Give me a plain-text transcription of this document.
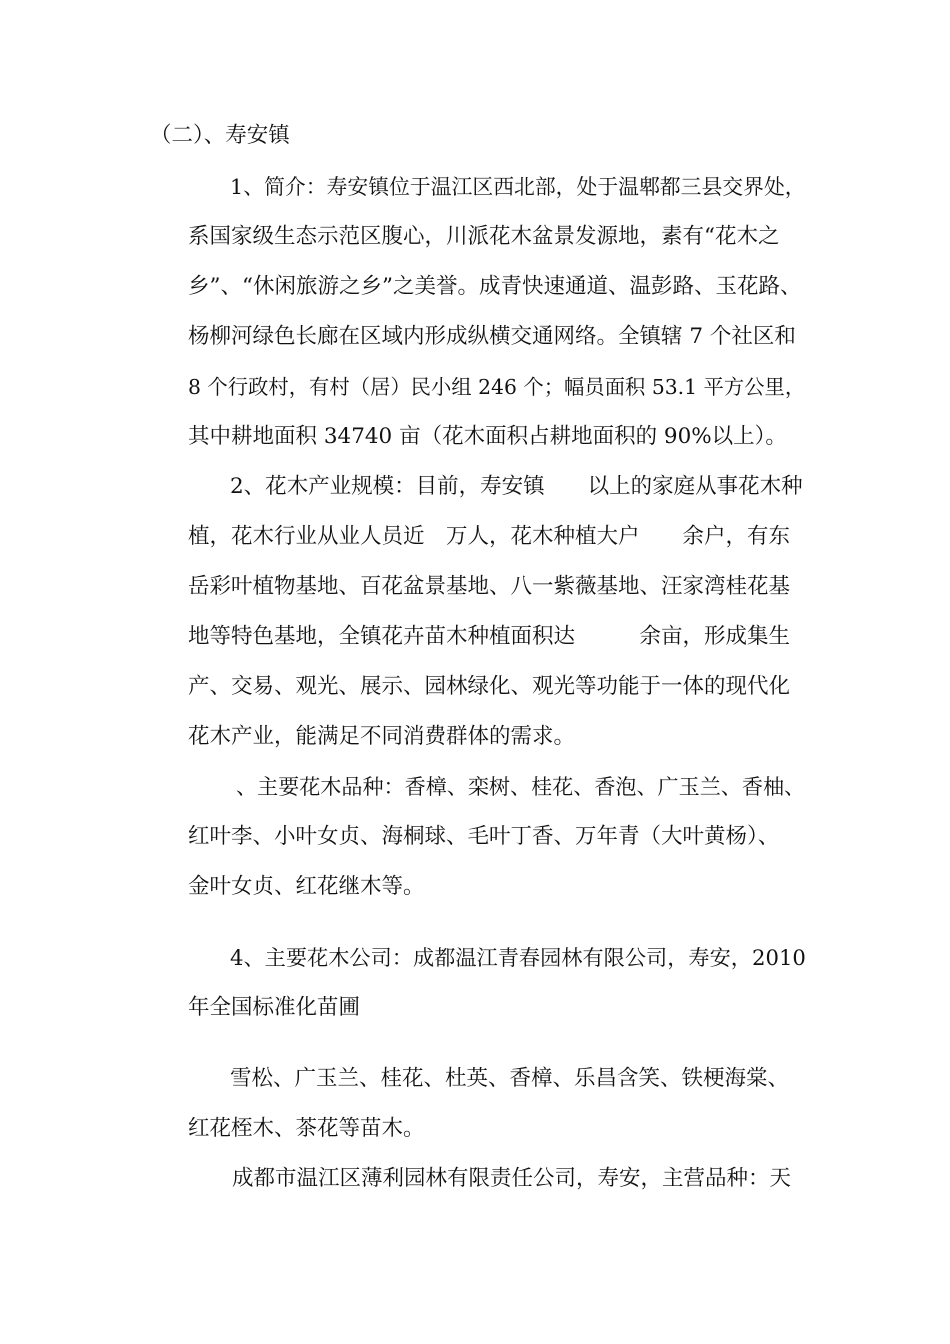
（二）、寿安镇
1、简介：寿安镇位于温江区西北部，处于温郫都三县交界处，
系国家级生态示范区腹心，川派花木盆景发源地，素有“花木之
乡”、“休闲旅游之乡”之美誉。成青快速通道、温彭路、玉花路、
杨柳河绿色长廊在区域内形成纵横交通网络。全镇辖 7 个社区和
8 个行政村，有村（居）民小组 246 个；幅员面积 53.1 平方公里，
其中耕地面积 34740 亩（花木面积占耕地面积的 90%以上）。
2、花木产业规模：目前，寿安镇　　以上的家庭从事花木种
植，花木行业从业人员近　万人，花木种植大户　　余户，有东
岳彩叶植物基地、百花盆景基地、八一紫薇基地、汪家湾桂花基
地等特色基地，全镇花卉苗木种植面积达　　　余亩，形成集生
产、交易、观光、展示、园林绿化、观光等功能于一体的现代化
花木产业，能满足不同消费群体的需求。
、主要花木品种：香樟、栾树、桂花、香泡、广玉兰、香柚、
红叶李、小叶女贞、海桐球、毛叶丁香、万年青（大叶黄杨）、
金叶女贞、红花继木等。
4、主要花木公司：成都温江青春园林有限公司，寿安，2010
年全国标准化苗圃
雪松、广玉兰、桂花、杜英、香樟、乐昌含笑、铁梗海棠、
红花桎木、茶花等苗木。
成都市温江区薄利园林有限责任公司，寿安，主营品种：天
